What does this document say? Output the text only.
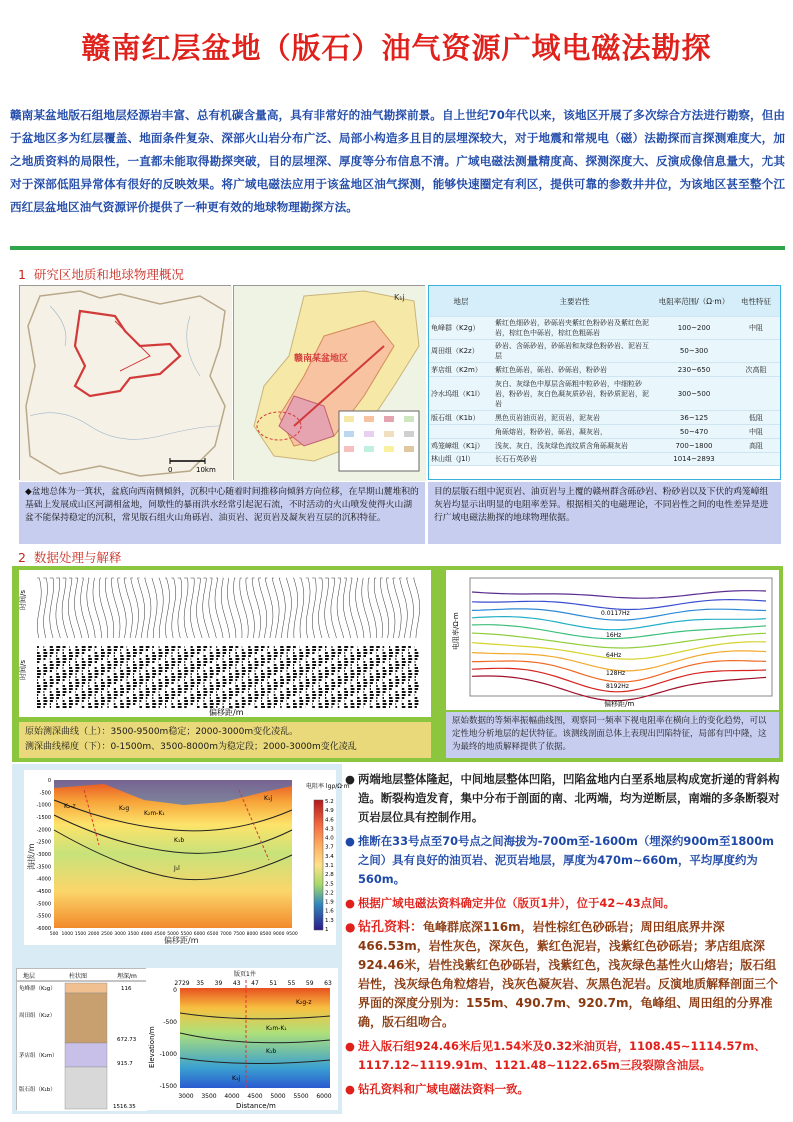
赣南红层盆地（版石）油气资源广域电磁法勘探
赣南某盆地版石组地层烃源岩丰富、总有机碳含量高，具有非常好的油气勘探前景。自上世纪70年代以来，该地区开展了多次综合方法进行勘察，但由于盆地区多为红层覆盖、地面条件复杂、深部火山岩分布广泛、局部小构造多且目的层埋深较大，对于地震和常规电（磁）法勘探而言探测难度大，加之地质资料的局限性，一直都未能取得勘探突破，目的层埋深、厚度等分布信息不清。广域电磁法测量精度高、探测深度大、反演成像信息量大，尤其对于深部低阻异常体有很好的反映效果。将广域电磁法应用于该盆地区油气探测，能够快速圈定有利区，提供可靠的参数井井位，为该地区甚至整个江西红层盆地区油气资源评价提供了一种更有效的地球物理勘探方法。
1 研究区地质和地球物理概况
0	10km
赣南某盆地区
K₁j	地层	主要岩性	电阻率范围/（Ω·m）	电性特征
龟峰群（K2g）	紫红色细砂岩，砂砾岩夹紫红色粉砂岩及紫红色泥岩，棕红色中砾岩，棕红色粗砾岩	100~200	中阻
周田组（K2z）	砂岩、含砾砂岩，砂砾岩和灰绿色粉砂岩、泥岩互层	50~300	
茅店组（K2m）	紫红色砾岩，砾岩、砂砾岩，粉砂岩	230~650	次高阻
冷水坞组（K1l）	灰白、灰绿色中厚层含砾粗中粒砂岩，中细粒砂岩，粉砂岩，灰白色凝灰质砂岩，粉砂质泥岩，泥岩	300~500	
版石组（K1b）	黑色页岩油页岩，泥页岩，泥灰岩	36~125	低阻
	角砾熔岩，粉砂岩，砾岩，凝灰岩，	50~470	中阻
鸡笼嶂组（K1j）	浅灰、灰白，浅灰绿色流纹质含角砾凝灰岩	700~1800	高阻
林山组（J1l）	长石石英砂岩	1014~2893	
◆盆地总体为一箕状，盆底向西南侧倾斜，沉积中心随着时间推移向倾斜方向位移，在早期山麓堆积的基础上发展成山区河湖相盆地，间歇性的暴雨洪水经常引起泥石流，不时活动的火山喷发使得火山湖盆不能保持稳定的沉积，常见版石组火山角砾岩、油页岩、泥页岩及凝灰岩互层的沉积特征。
目的层版石组中泥页岩、油页岩与上覆的赣州群含砾砂岩、粉砂岩以及下伏的鸡笼嶂组灰岩均显示出明显的电阻率差异。根据相关的电磁理论，不同岩性之间的电性差异是进行广域电磁法勘探的地球物理依据。
2 数据处理与解释
时间/s
时间/s
偏移距/m
原始测深曲线（上）：3500-9500m稳定；2000-3000m变化凌乱。
测深曲线梯度（下）：0-1500m、3500-8000m为稳定段；2000-3000m变化凌乱
电阻率/Ω·m
偏移距/m
0.0117Hz
16Hz
64Hz
128Hz
8192Hz
原始数据的等频率振幅曲线图，观察同一频率下视电阻率在横向上的变化趋势，可以定性地分析地层的起伏特征。该测线剖面总体上表现出凹陷特征，局部有凹中隆，这为最终的地质解释提供了依据。
偏移距/m
海拔/m
电阻率 lgρ/Ω·m
5.2
4.9
4.6
4.3
4.0
3.7
3.4
3.1
2.8
2.5
2.2
1.9
1.6
1.3
1
0
-500
-1000
-1500
-2000
-2500
-3000
-3500
-4000
-4500
-5000
-5500
-6000
500 1000 1500 2000 2500 3000 3500 4000 4500 5000 5500 6000 6500 7000 7500 8000 8500 9000 9500
K₂g
K₂m-K₁
K₁b
J₁l
K₁j
K₂-z
地层	柱状图	埋深/m
龟峰群（K₂g）	116
周田组（K₂z）
672.73
茅店组（K₂m）
915.7
版石组（K₁b）
1516.35
版页1井
K₂g-z
K₂m-K₁
K₁b
K₁j
2729 35 39 43 47 51 55 59 63
3000 3500 4000 4500 5000 5500 6000
0
-500
-1000
-1500
Elevation/m
Distance/m
● 两端地层整体隆起，中间地层整体凹陷，凹陷盆地内白垩系地层构成宽折递的背斜构造。断裂构造发育，集中分布于剖面的南、北两端，均为逆断层，南端的多条断裂对页岩层位具有控制作用。
● 推断在33号点至70号点之间海拔为-700m至-1600m（埋深约900m至1800m之间）具有良好的油页岩、泥页岩地层，厚度为470m~660m，平均厚度约为560m。
● 根据广域电磁法资料确定井位（版页1井），位于42~43点间。
● 钻孔资料：龟峰群底深116m，岩性棕红色砂砾岩；周田组底界井深466.53m，岩性灰色，深灰色，紫红色泥岩，浅紫红色砂砾岩；茅店组底深924.46米，岩性浅紫红色砂砾岩，浅紫红色，浅灰绿色基性火山熔岩；版石组岩性，浅灰绿色角粒熔岩，浅灰色凝灰岩、灰黑色泥岩。反演地质解释剖面三个界面的深度分别为：155m、490.7m、920.7m，龟峰组、周田组的分界准确，版石组吻合。
● 进入版石组924.46米后见1.54米及0.32米油页岩，1108.45~1114.57m、1117.12~1119.91m、1121.48~1122.65m三段裂隙含油层。
● 钻孔资料和广域电磁法资料一致。
